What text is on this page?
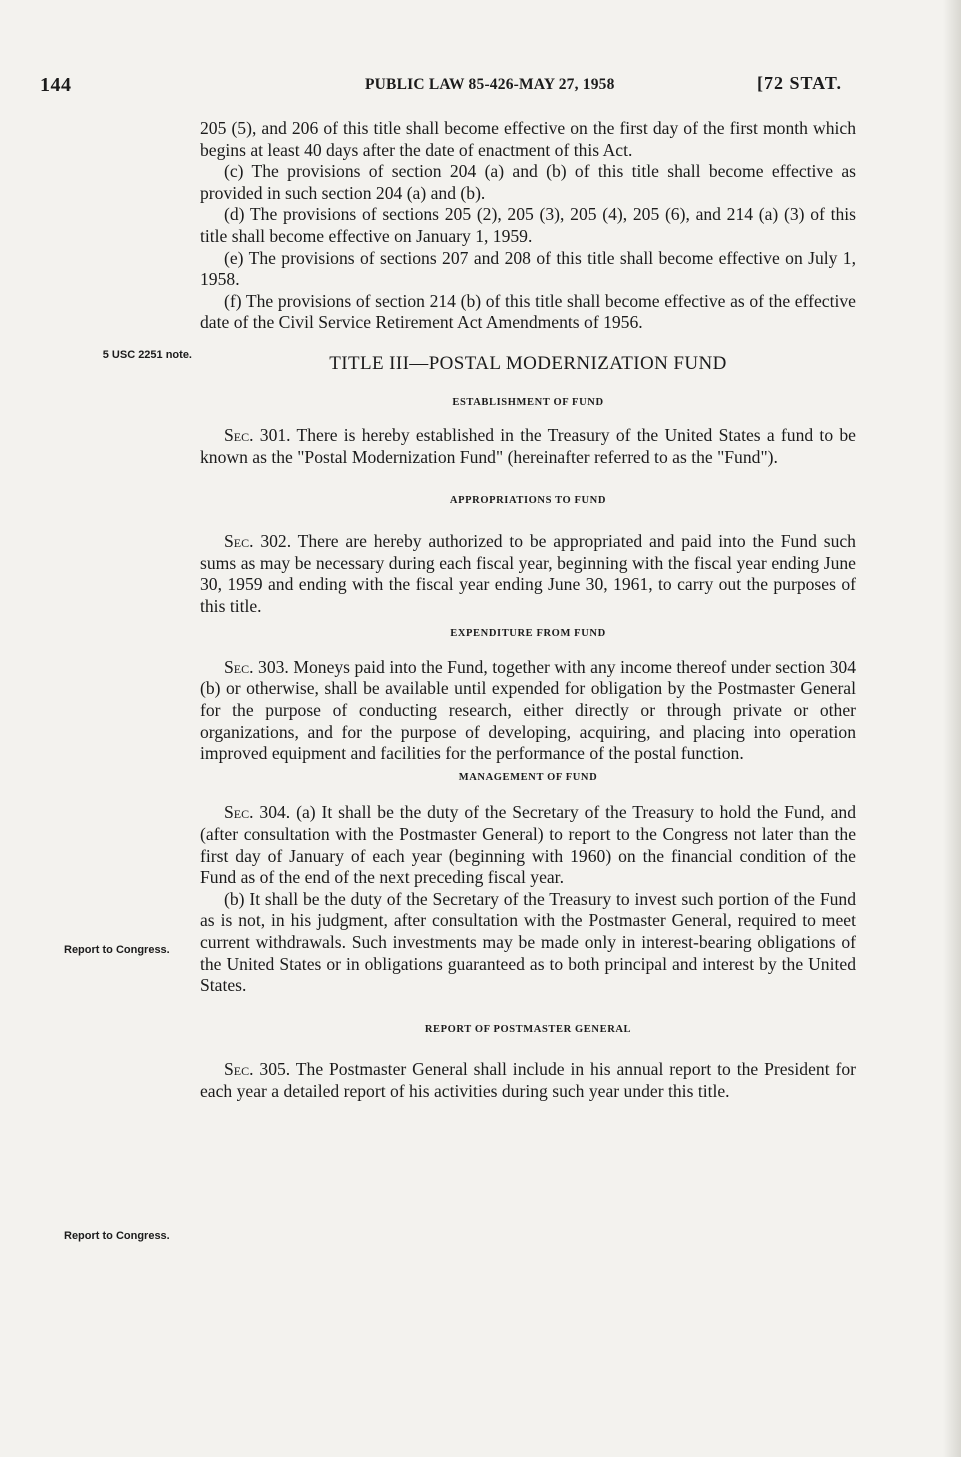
144	PUBLIC LAW 85-426-MAY 27, 1958	[72 STAT.
5 USC 2251 note.
Report to Congress.
Report to Congress.

205 (5), and 206 of this title shall become effective on the first day of the first month which begins at least 40 days after the date of enactment of this Act.

(c) The provisions of section 204 (a) and (b) of this title shall become effective as provided in such section 204 (a) and (b).

(d) The provisions of sections 205 (2), 205 (3), 205 (4), 205 (6), and 214 (a) (3) of this title shall become effective on January 1, 1959.

(e) The provisions of sections 207 and 208 of this title shall become effective on July 1, 1958.

(f) The provisions of section 214 (b) of this title shall become effective as of the effective date of the Civil Service Retirement Act Amendments of 1956.

TITLE III—POSTAL MODERNIZATION FUND
ESTABLISHMENT OF FUND

Sec. 301. There is hereby established in the Treasury of the United States a fund to be known as the "Postal Modernization Fund" (hereinafter referred to as the "Fund").

APPROPRIATIONS TO FUND

Sec. 302. There are hereby authorized to be appropriated and paid into the Fund such sums as may be necessary during each fiscal year, beginning with the fiscal year ending June 30, 1959 and ending with the fiscal year ending June 30, 1961, to carry out the purposes of this title.

EXPENDITURE FROM FUND

Sec. 303. Moneys paid into the Fund, together with any income thereof under section 304 (b) or otherwise, shall be available until expended for obligation by the Postmaster General for the purpose of conducting research, either directly or through private or other organizations, and for the purpose of developing, acquiring, and placing into operation improved equipment and facilities for the performance of the postal function.

MANAGEMENT OF FUND

Sec. 304. (a) It shall be the duty of the Secretary of the Treasury to hold the Fund, and (after consultation with the Postmaster General) to report to the Congress not later than the first day of January of each year (beginning with 1960) on the financial condition of the Fund as of the end of the next preceding fiscal year.

(b) It shall be the duty of the Secretary of the Treasury to invest such portion of the Fund as is not, in his judgment, after consultation with the Postmaster General, required to meet current withdrawals. Such investments may be made only in interest-bearing obligations of the United States or in obligations guaranteed as to both principal and interest by the United States.

REPORT OF POSTMASTER GENERAL

Sec. 305. The Postmaster General shall include in his annual report to the President for each year a detailed report of his activities during such year under this title.
